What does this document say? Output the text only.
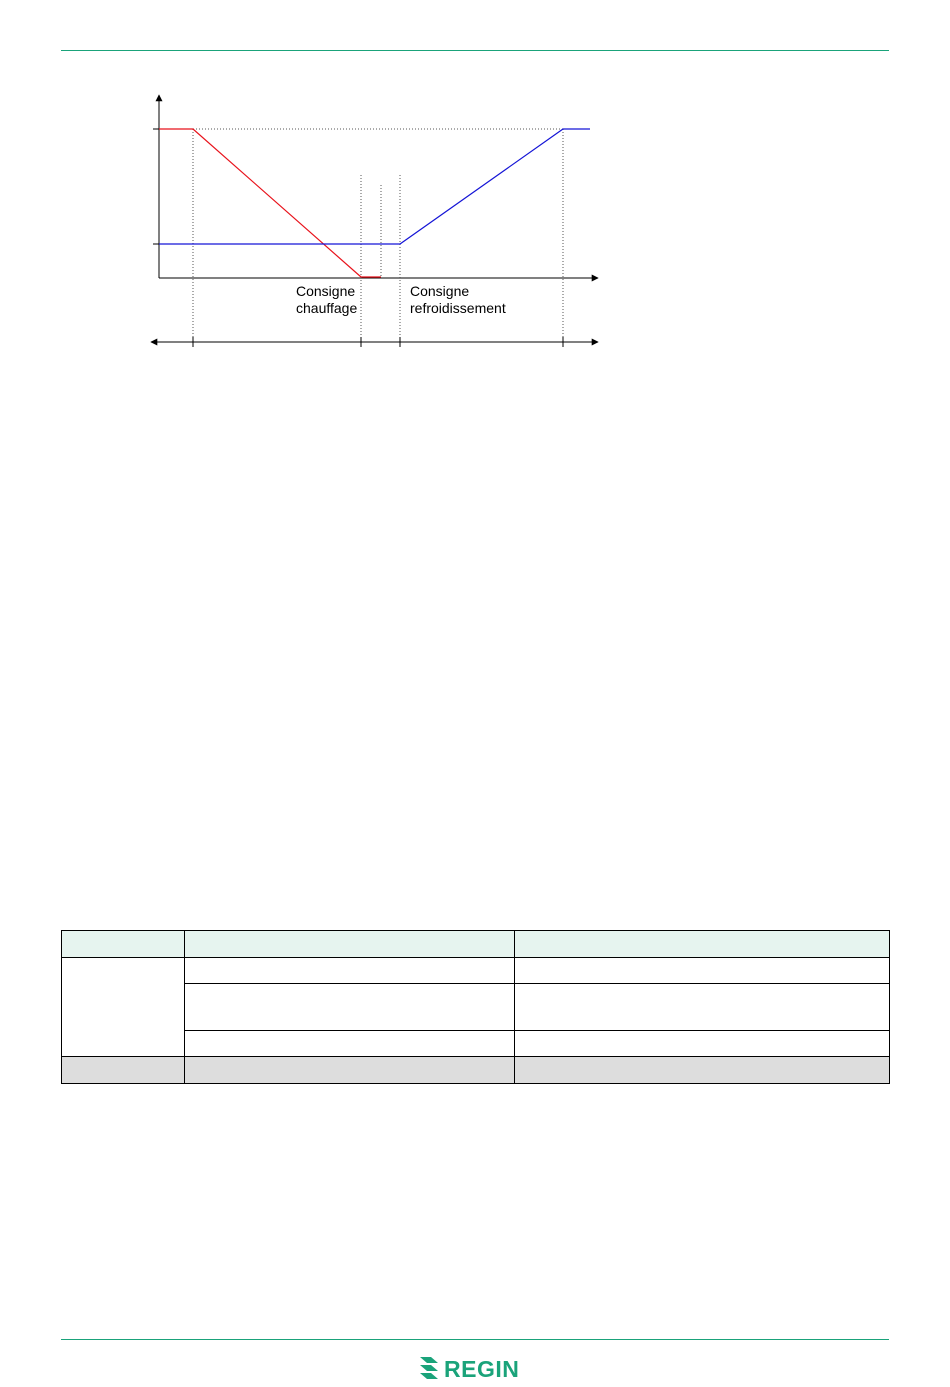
Consigne
chauffage
Consigne
refroidissement

REGIN
